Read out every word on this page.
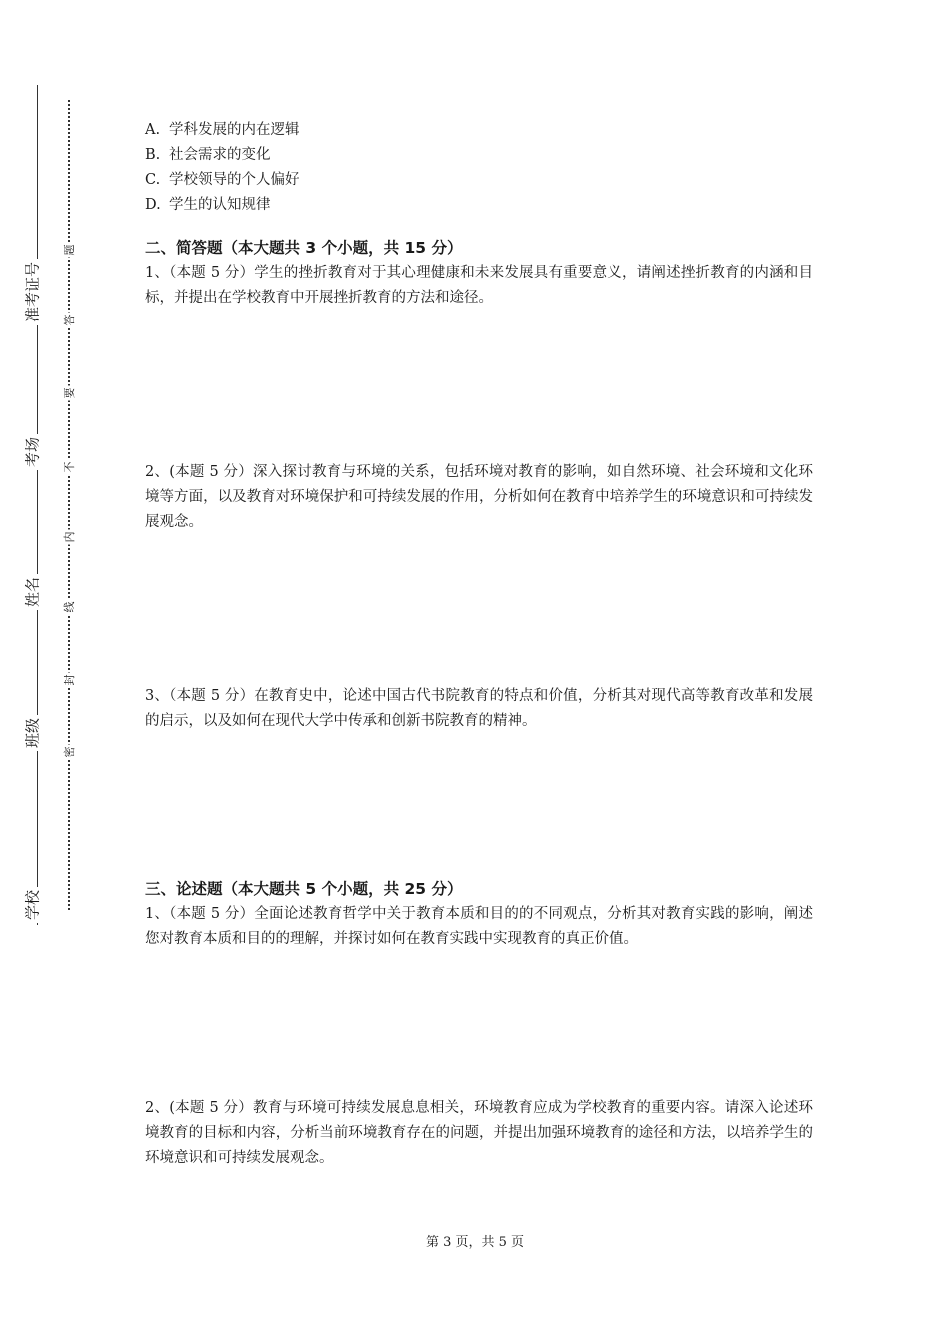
学校
班级
姓名
考场
准考证号
密
封
线
内
不
要
答
题
A. 学科发展的内在逻辑
B. 社会需求的变化
C. 学校领导的个人偏好
D. 学生的认知规律
二、简答题（本大题共 3 个小题，共 15 分）
1、（本题 5 分）学生的挫折教育对于其心理健康和未来发展具有重要意义，请阐述挫折教育的内涵和目标，并提出在学校教育中开展挫折教育的方法和途径。
2、(本题 5 分）深入探讨教育与环境的关系，包括环境对教育的影响，如自然环境、社会环境和文化环境等方面，以及教育对环境保护和可持续发展的作用，分析如何在教育中培养学生的环境意识和可持续发展观念。
3、（本题 5 分）在教育史中，论述中国古代书院教育的特点和价值，分析其对现代高等教育改革和发展的启示，以及如何在现代大学中传承和创新书院教育的精神。
三、论述题（本大题共 5 个小题，共 25 分）
1、（本题 5 分）全面论述教育哲学中关于教育本质和目的的不同观点，分析其对教育实践的影响，阐述您对教育本质和目的的理解，并探讨如何在教育实践中实现教育的真正价值。
2、(本题 5 分）教育与环境可持续发展息息相关，环境教育应成为学校教育的重要内容。请深入论述环境教育的目标和内容，分析当前环境教育存在的问题，并提出加强环境教育的途径和方法，以培养学生的环境意识和可持续发展观念。
第 3 页，共 5 页
